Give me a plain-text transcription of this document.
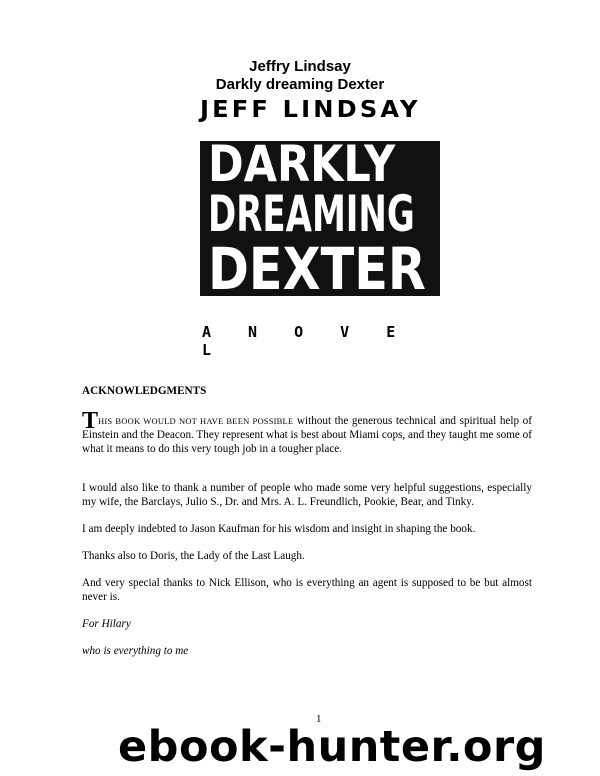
Jeffry Lindsay
Darkly dreaming Dexter
JEFF LINDSAY
DARKLY
DREAMING
DEXTER
A N O V E L
ACKNOWLEDGMENTS

THIS BOOK WOULD NOT HAVE BEEN POSSIBLE without the generous technical and spiritual help of Einstein and the Deacon. They represent what is best about Miami cops, and they taught me some of what it means to do this very tough job in a tougher place.

I would also like to thank a number of people who made some very helpful suggestions, especially my wife, the Barclays, Julio S., Dr. and Mrs. A. L. Freundlich, Pookie, Bear, and Tinky.

I am deeply indebted to Jason Kaufman for his wisdom and insight in shaping the book.

Thanks also to Doris, the Lady of the Last Laugh.

And very special thanks to Nick Ellison, who is everything an agent is supposed to be but almost never is.

For Hilary
who is everything to me
1
ebook-hunter.org
